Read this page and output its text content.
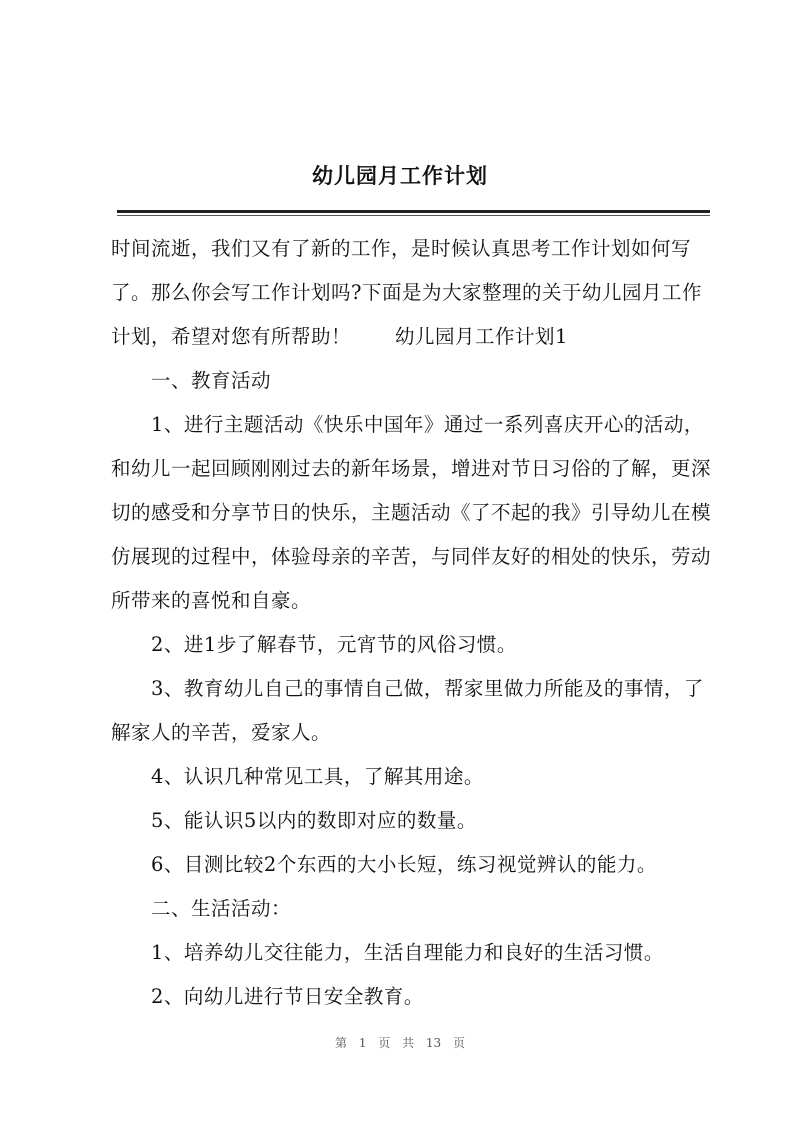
幼儿园月工作计划

时间流逝，我们又有了新的工作，是时候认真思考工作计划如何写了。那么你会写工作计划吗?下面是为大家整理的关于幼儿园月工作计划，希望对您有所帮助！ 幼儿园月工作计划1

一、教育活动

1、进行主题活动《快乐中国年》通过一系列喜庆开心的活动，和幼儿一起回顾刚刚过去的新年场景，增进对节日习俗的了解，更深切的感受和分享节日的快乐，主题活动《了不起的我》引导幼儿在模仿展现的过程中，体验母亲的辛苦，与同伴友好的相处的快乐，劳动所带来的喜悦和自豪。

2、进1步了解春节，元宵节的风俗习惯。

3、教育幼儿自己的事情自己做，帮家里做力所能及的事情，了解家人的辛苦，爱家人。

4、认识几种常见工具，了解其用途。

5、能认识5以内的数即对应的数量。

6、目测比较2个东西的大小长短，练习视觉辨认的能力。

二、生活活动：

1、培养幼儿交往能力，生活自理能力和良好的生活习惯。

2、向幼儿进行节日安全教育。

第 1 页 共 13 页
